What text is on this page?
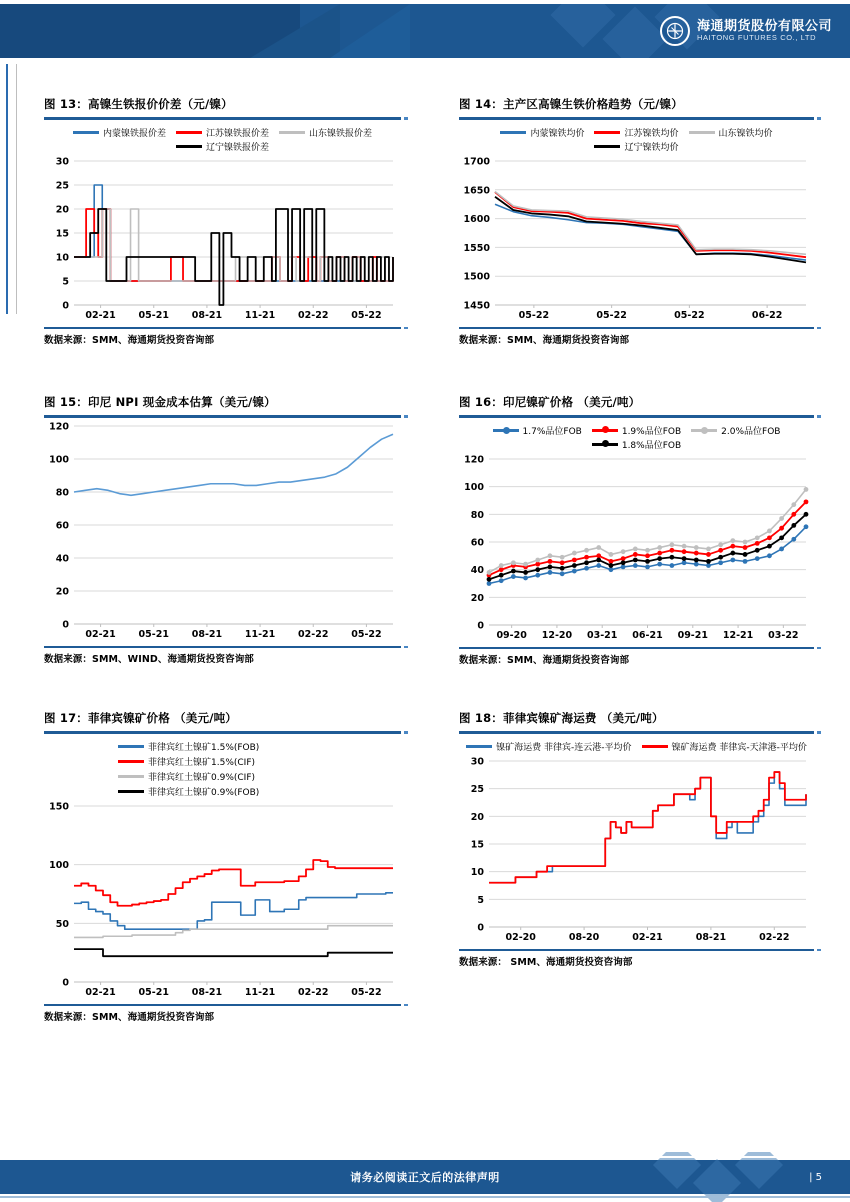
海通期货股份有限公司
HAITONG FUTURES CO., LTD
图 13：高镍生铁报价价差（元/镍）
内蒙镍铁报价差	江苏镍铁报价差	山东镍铁报价差
辽宁镍铁报价差
0
5
10
15
20
25
30
02-21 05-21 08-21 11-21 02-22 05-22
数据来源：SMM、海通期货投资咨询部
图 14：主产区高镍生铁价格趋势（元/镍）
内蒙镍铁均价	江苏镍铁均价	山东镍铁均价
辽宁镍铁均价
1450
1500
1550
1600
1650
1700
05-22	05-22	05-22	06-22
数据来源：SMM、海通期货投资咨询部
图 15：印尼 NPI 现金成本估算（美元/镍）
0
20
40
60
80
100
120
02-21 05-21 08-21 11-21 02-22 05-22
数据来源：SMM、WIND、海通期货投资咨询部
图 16：印尼镍矿价格 （美元/吨）
1.7%品位FOB	1.9%品位FOB	2.0%品位FOB
1.8%品位FOB
0
20
40
60
80
100
120
09-20 12-20 03-21 06-21 09-21 12-21 03-22
数据来源：SMM、海通期货投资咨询部
图 17：菲律宾镍矿价格 （美元/吨）
菲律宾红土镍矿1.5%(FOB)
菲律宾红土镍矿1.5%(CIF)
菲律宾红土镍矿0.9%(CIF)
菲律宾红土镍矿0.9%(FOB)
0
50
100
150
02-21 05-21 08-21 11-21 02-22 05-22
数据来源：SMM、海通期货投资咨询部
图 18：菲律宾镍矿海运费 （美元/吨）
镍矿海运费 菲律宾-连云港-平均价	镍矿海运费 菲律宾-天津港-平均价
0
5
10
15
20
25
30
02-20	08-20	02-21	08-21	02-22
数据来源： SMM、海通期货投资咨询部
请务必阅读正文后的法律声明	| 5
